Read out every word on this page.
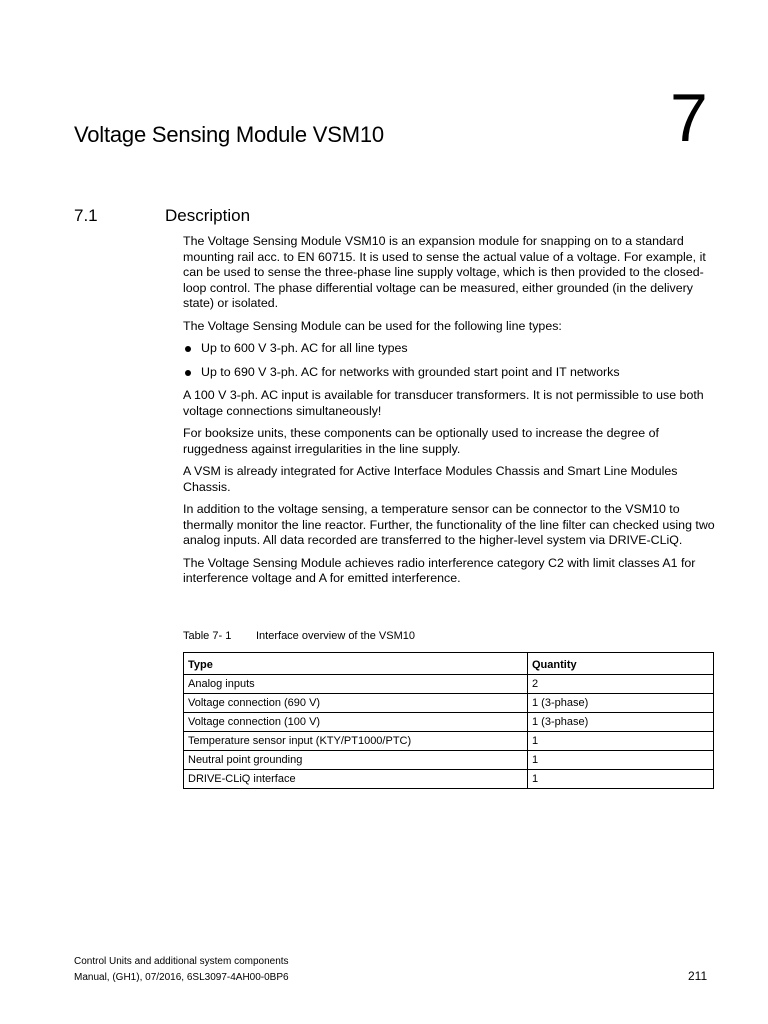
Voltage Sensing Module VSM10	7
7.1	Description

The Voltage Sensing Module VSM10 is an expansion module for snapping on to a standard mounting rail acc. to EN 60715. It is used to sense the actual value of a voltage. For example, it can be used to sense the three-phase line supply voltage, which is then provided to the closed-loop control. The phase differential voltage can be measured, either grounded (in the delivery state) or isolated.

The Voltage Sensing Module can be used for the following line types:

Up to 600 V 3-ph. AC for all line types
Up to 690 V 3-ph. AC for networks with grounded start point and IT networks

A 100 V 3-ph. AC input is available for transducer transformers. It is not permissible to use both voltage connections simultaneously!

For booksize units, these components can be optionally used to increase the degree of ruggedness against irregularities in the line supply.

A VSM is already integrated for Active Interface Modules Chassis and Smart Line Modules Chassis.

In addition to the voltage sensing, a temperature sensor can be connector to the VSM10 to thermally monitor the line reactor. Further, the functionality of the line filter can checked using two analog inputs. All data recorded are transferred to the higher-level system via DRIVE-CLiQ.

The Voltage Sensing Module achieves radio interference category C2 with limit classes A1 for interference voltage and A for emitted interference.

Table 7- 1 Interface overview of the VSM10
Type	Quantity
Analog inputs	2
Voltage connection (690 V)	1 (3-phase)
Voltage connection (100 V)	1 (3-phase)
Temperature sensor input (KTY/PT1000/PTC)	1
Neutral point grounding	1
DRIVE-CLiQ interface	1
Control Units and additional system components
Manual, (GH1), 07/2016, 6SL3097-4AH00-0BP6	211
